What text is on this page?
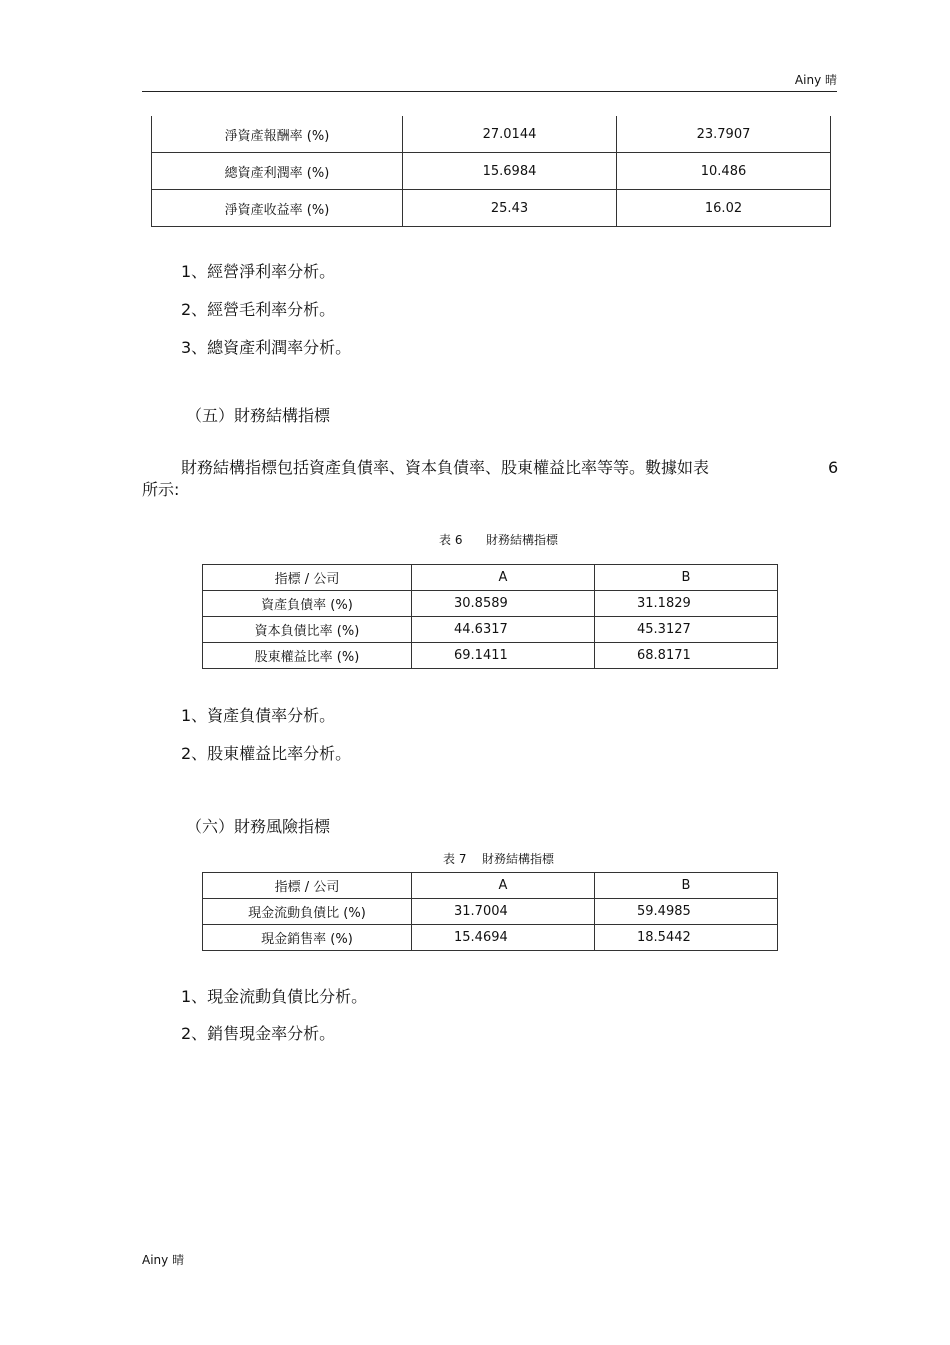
Ainy 晴
淨資產報酬率 (%)	27.0144	23.7907
總資產利潤率 (%)	15.6984	10.486
淨資產收益率 (%)	25.43	16.02
1、經營淨利率分析。
2、經營毛利率分析。
3、總資產利潤率分析。
（五）財務結構指標
財務結構指標包括資產負債率、資本負債率、股東權益比率等等。數據如表	6
所示:
表 6 財務結構指標
指標 / 公司	A	B
資產負債率 (%)	30.8589	31.1829
資本負債比率 (%)	44.6317	45.3127
股東權益比率 (%)	69.1411	68.8171
1、資產負債率分析。
2、股東權益比率分析。
（六）財務風險指標
表 7 財務結構指標
指標 / 公司	A	B
現金流動負債比 (%)	31.7004	59.4985
現金銷售率 (%)	15.4694	18.5442
1、現金流動負債比分析。
2、銷售現金率分析。
Ainy 晴
